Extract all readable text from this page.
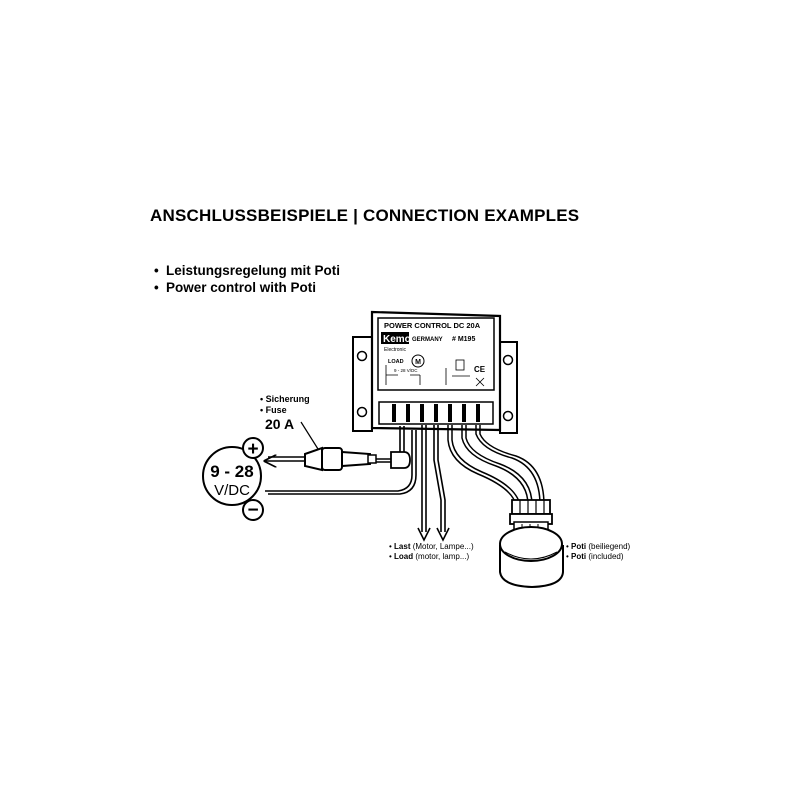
ANSCHLUSSBEISPIELE | CONNECTION EXAMPLES
• Leistungsregelung mit Poti
• Power control with Poti
POWER CONTROL DC 20A
Kemo GERMANY # M195
Electronic
LOAD M
9 - 28 V/DC	CE
+
−
9 - 28
V/DC
• Sicherung
• Fuse
20 A
• Last (Motor, Lampe...)
• Load (motor, lamp...)
• Poti (beiliegend)
• Poti (included)
